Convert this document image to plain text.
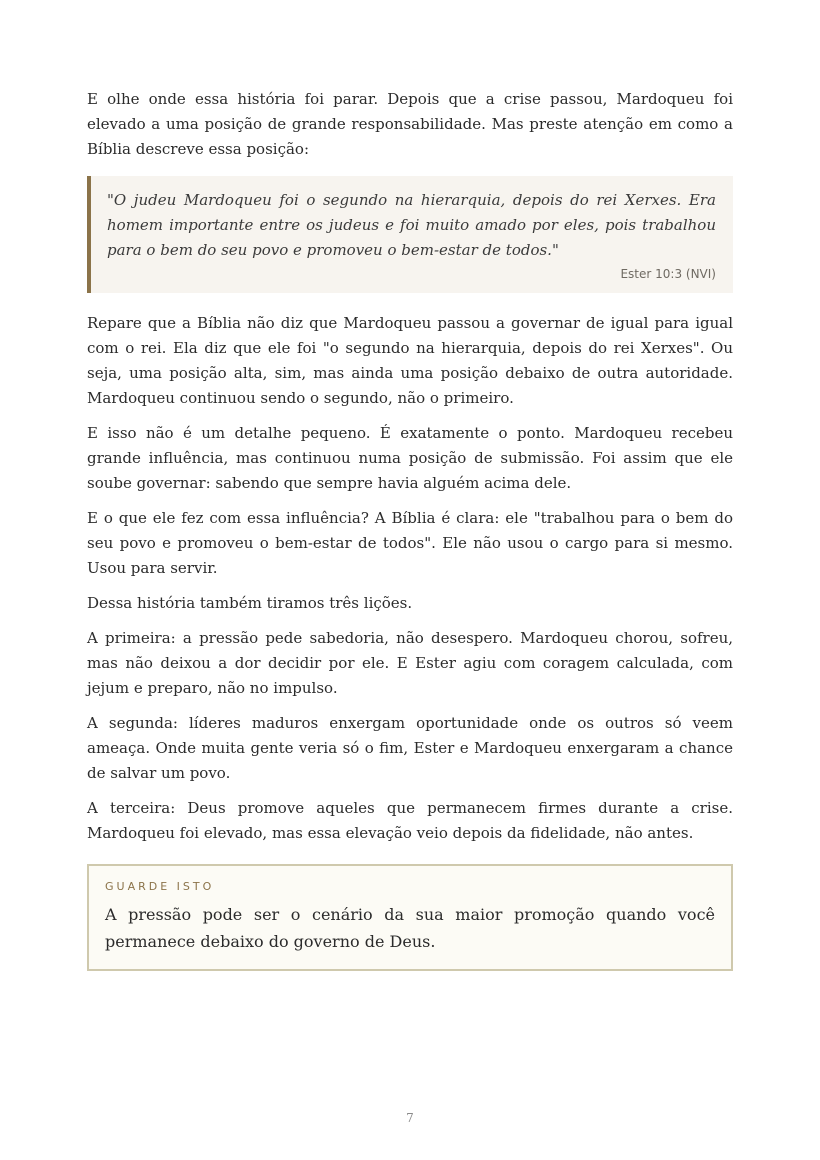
E olhe onde essa história foi parar. Depois que a crise passou, Mardoqueu foi elevado a uma posição de grande responsabilidade. Mas preste atenção em como a Bíblia descreve essa posição:

"O judeu Mardoqueu foi o segundo na hierarquia, depois do rei Xerxes. Era homem importante entre os judeus e foi muito amado por eles, pois trabalhou para o bem do seu povo e promoveu o bem-estar de todos."

Ester 10:3 (NVI)

Repare que a Bíblia não diz que Mardoqueu passou a governar de igual para igual com o rei. Ela diz que ele foi "o segundo na hierarquia, depois do rei Xerxes". Ou seja, uma posição alta, sim, mas ainda uma posição debaixo de outra autoridade. Mardoqueu continuou sendo o segundo, não o primeiro.

E isso não é um detalhe pequeno. É exatamente o ponto. Mardoqueu recebeu grande influência, mas continuou numa posição de submissão. Foi assim que ele soube governar: sabendo que sempre havia alguém acima dele.

E o que ele fez com essa influência? A Bíblia é clara: ele "trabalhou para o bem do seu povo e promoveu o bem-estar de todos". Ele não usou o cargo para si mesmo. Usou para servir.

Dessa história também tiramos três lições.

A primeira: a pressão pede sabedoria, não desespero. Mardoqueu chorou, sofreu, mas não deixou a dor decidir por ele. E Ester agiu com coragem calculada, com jejum e preparo, não no impulso.

A segunda: líderes maduros enxergam oportunidade onde os outros só veem ameaça. Onde muita gente veria só o fim, Ester e Mardoqueu enxergaram a chance de salvar um povo.

A terceira: Deus promove aqueles que permanecem firmes durante a crise. Mardoqueu foi elevado, mas essa elevação veio depois da fidelidade, não antes.

GUARDE ISTO

A pressão pode ser o cenário da sua maior promoção quando você permanece debaixo do governo de Deus.

7
